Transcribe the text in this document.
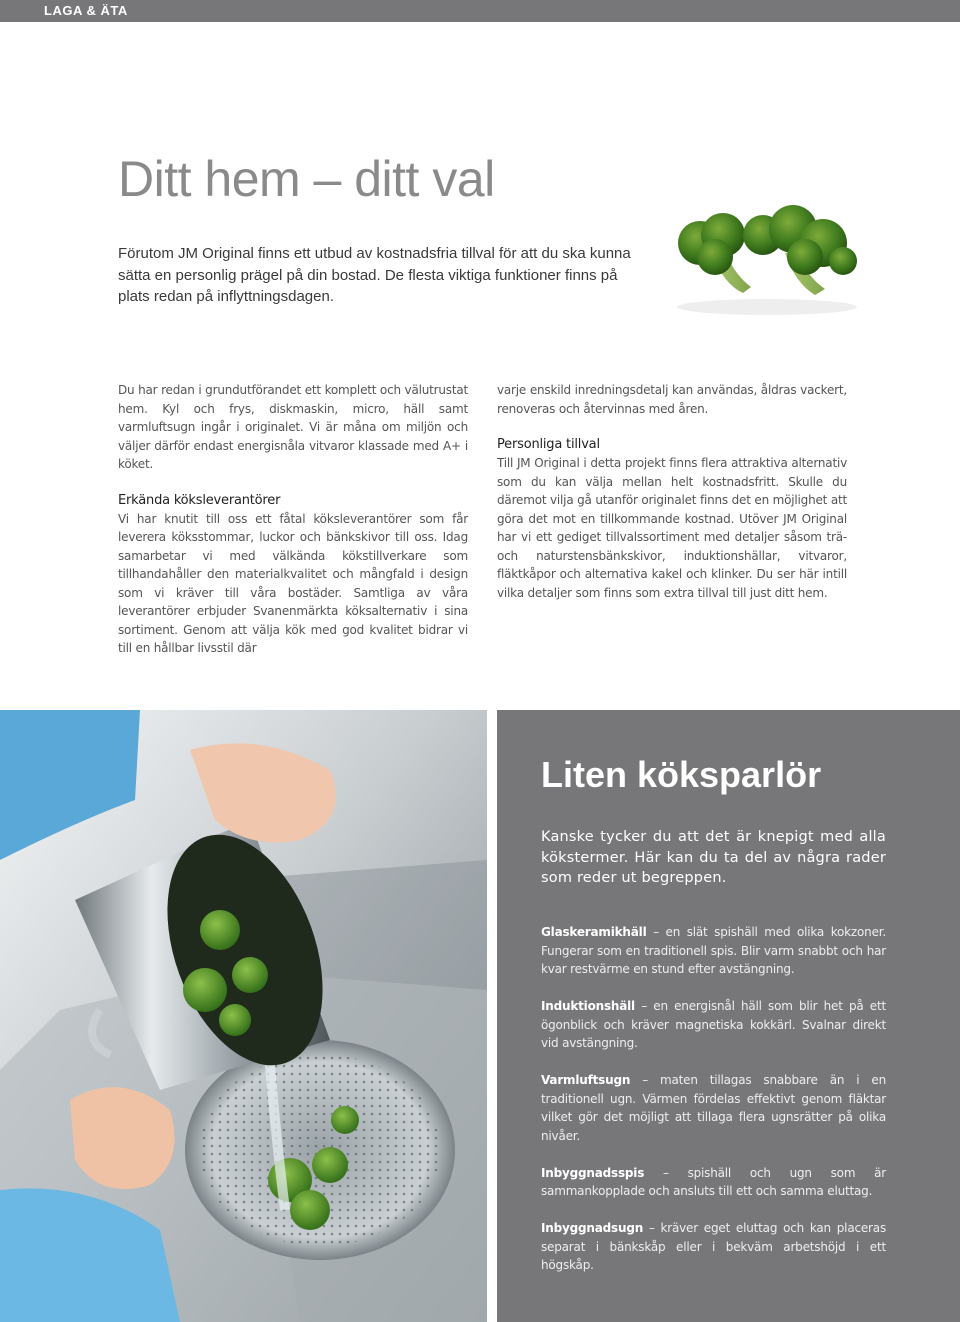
LAGA & ÄTA
Ditt hem – ditt val

Förutom JM Original finns ett utbud av kostnadsfria tillval för att du ska kunna sätta en personlig prägel på din bostad. De flesta viktiga funktioner finns på plats redan på inflyttningsdagen.

Du har redan i grundutförandet ett komplett och välutrustat hem. Kyl och frys, diskmaskin, micro, häll samt varmluftsugn ingår i originalet. Vi är måna om miljön och väljer därför endast energisnåla vitvaror klassade med A+ i köket.

Erkända köksleverantörer

Vi har knutit till oss ett fåtal köksleverantörer som får leverera köksstommar, luckor och bänkskivor till oss. Idag samarbetar vi med välkända kökstillverkare som tillhandahåller den materialkvalitet och mångfald i design som vi kräver till våra bostäder. Samtliga av våra leverantörer erbjuder Svanenmärkta köksalternativ i sina sortiment. Genom att välja kök med god kvalitet bidrar vi till en hållbar livsstil där

varje enskild inredningsdetalj kan användas, åldras vackert, renoveras och återvinnas med åren.

Personliga tillval

Till JM Original i detta projekt finns flera attraktiva alternativ som du kan välja mellan helt kostnadsfritt. Skulle du däremot vilja gå utanför originalet finns det en möjlighet att göra det mot en tillkommande kostnad. Utöver JM Original har vi ett gediget tillvalssortiment med detaljer såsom trä- och naturstensbänkskivor, induktionshällar, vitvaror, fläktkåpor och alternativa kakel och klinker. Du ser här intill vilka detaljer som finns som extra tillval till just ditt hem.

Liten köksparlör

Kanske tycker du att det är knepigt med alla kökstermer. Här kan du ta del av några rader som reder ut begreppen.

Glaskeramikhäll – en slät spishäll med olika kokzoner. Fungerar som en traditionell spis. Blir varm snabbt och har kvar restvärme en stund efter avstängning.

Induktionshäll – en energisnål häll som blir het på ett ögonblick och kräver magnetiska kokkärl. Svalnar direkt vid avstängning.

Varmluftsugn – maten tillagas snabbare än i en traditionell ugn. Värmen fördelas effektivt genom fläktar vilket gör det möjligt att tillaga flera ugnsrätter på olika nivåer.

Inbyggnadsspis – spishäll och ugn som är sammankopplade och ansluts till ett och samma eluttag.

Inbyggnadsugn – kräver eget eluttag och kan placeras separat i bänkskåp eller i bekväm arbetshöjd i ett högskåp.
